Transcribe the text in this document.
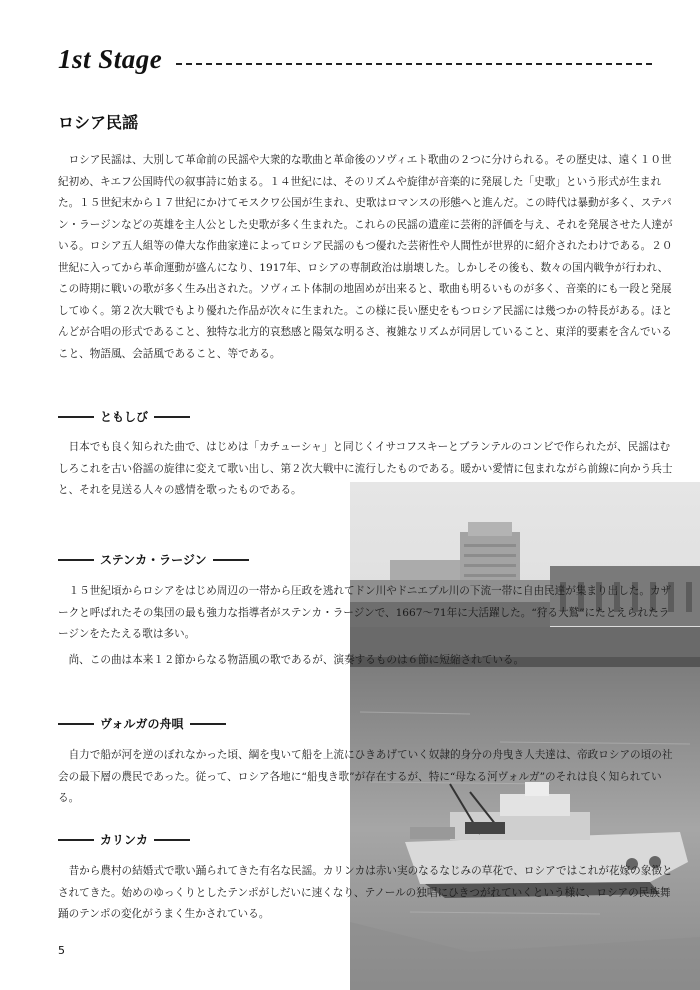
1st Stage
ロシア民謡

ロシア民謡は、大別して革命前の民謡や大衆的な歌曲と革命後のソヴィエト歌曲の２つに分けられる。その歴史は、遠く１０世紀初め、キエフ公国時代の叙事詩に始まる。１４世紀には、そのリズムや旋律が音楽的に発展した「史歌」という形式が生まれた。１５世紀末から１７世紀にかけてモスクワ公国が生まれ、史歌はロマンスの形態へと進んだ。この時代は暴動が多く、ステパン・ラージンなどの英雄を主人公とした史歌が多く生まれた。これらの民謡の遺産に芸術的評価を与え、それを発展させた人達がいる。ロシア五人組等の偉大な作曲家達によってロシア民謡のもつ優れた芸術性や人間性が世界的に紹介されたわけである。２０世紀に入ってから革命運動が盛んになり、1917年、ロシアの専制政治は崩壊した。しかしその後も、数々の国内戦争が行われ、この時期に戦いの歌が多く生み出された。ソヴィエト体制の地固めが出来ると、歌曲も明るいものが多く、音楽的にも一段と発展してゆく。第２次大戦でもより優れた作品が次々に生まれた。この様に長い歴史をもつロシア民謡には幾つかの特長がある。ほとんどが合唱の形式であること、独特な北方的哀愁感と陽気な明るさ、複雑なリズムが同居していること、東洋的要素を含んでいること、物語風、会話風であること、等である。

ともしび

日本でも良く知られた曲で、はじめは「カチューシャ」と同じくイサコフスキーとブランテルのコンビで作られたが、民謡はむしろこれを古い俗謡の旋律に変えて歌い出し、第２次大戦中に流行したものである。暖かい愛情に包まれながら前線に向かう兵士と、それを見送る人々の感情を歌ったものである。

ステンカ・ラージン

１５世紀頃からロシアをはじめ周辺の一帯から圧政を逃れてドン川やドニエプル川の下流一帯に自由民達が集まり出した。カザークと呼ばれたその集団の最も強力な指導者がステンカ・ラージンで、1667～71年に大活躍した。“狩る大鷲”にたとえられたラージンをたたえる歌は多い。

尚、この曲は本来１２節からなる物語風の歌であるが、演奏するものは６節に短縮されている。

ヴォルガの舟唄

自力で船が河を逆のぼれなかった頃、綱を曳いて船を上流にひきあげていく奴隷的身分の舟曳き人夫達は、帝政ロシアの頃の社会の最下層の農民であった。従って、ロシア各地に“船曳き歌”が存在するが、特に“母なる河ヴォルガ”のそれは良く知られている。

カリンカ

昔から農村の結婚式で歌い踊られてきた有名な民謡。カリンカは赤い実のなるなじみの草花で、ロシアではこれが花嫁の象徴とされてきた。始めのゆっくりとしたテンポがしだいに速くなり、テノールの独唱にひきつがれていくという様に、ロシアの民族舞踊のテンポの変化がうまく生かされている。

5
